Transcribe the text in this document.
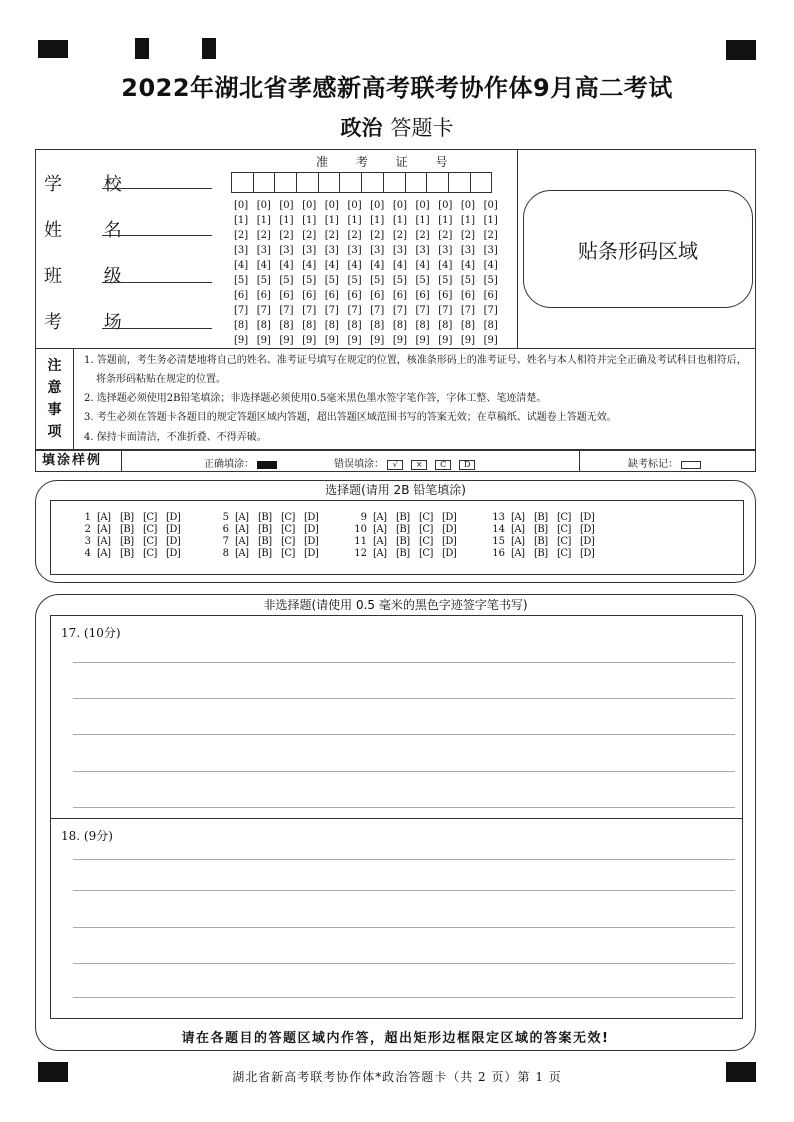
2022年湖北省孝感新高考联考协作体9月高二考试
政治 答题卡
学 校
姓 名
班 级
考 场
准 考 证 号
[0] [0] [0] [0] [0] [0] [0] [0] [0] [0] [0] [0]
[1] [1] [1] [1] [1] [1] [1] [1] [1] [1] [1] [1]
[2] [2] [2] [2] [2] [2] [2] [2] [2] [2] [2] [2]
[3] [3] [3] [3] [3] [3] [3] [3] [3] [3] [3] [3]
[4] [4] [4] [4] [4] [4] [4] [4] [4] [4] [4] [4]
[5] [5] [5] [5] [5] [5] [5] [5] [5] [5] [5] [5]
[6] [6] [6] [6] [6] [6] [6] [6] [6] [6] [6] [6]
[7] [7] [7] [7] [7] [7] [7] [7] [7] [7] [7] [7]
[8] [8] [8] [8] [8] [8] [8] [8] [8] [8] [8] [8]
[9] [9] [9] [9] [9] [9] [9] [9] [9] [9] [9] [9]
贴条形码区域
注
意
事
项
1. 答题前，考生务必清楚地将自己的姓名、准考证号填写在规定的位置，核准条形码上的准考证号、姓名与本人相符并完全正确及考试科目也相符后，将条形码粘贴在规定的位置。
2. 选择题必须使用2B铅笔填涂；非选择题必须使用0.5毫米黑色墨水签字笔作答，字体工整、笔迹清楚。
3. 考生必须在答题卡各题目的规定答题区域内答题，超出答题区域范围书写的答案无效；在草稿纸、试题卷上答题无效。
4. 保持卡面清洁，不准折叠、不得弄破。
填涂样例	正确填涂：	错误填涂： √ × C D	缺考标记：
选择题(请用 2B 铅笔填涂)
1 [A] [B] [C] [D]	5 [A] [B] [C] [D]	9 [A] [B] [C] [D]	13 [A] [B] [C] [D]
2 [A] [B] [C] [D]	6 [A] [B] [C] [D]	10 [A] [B] [C] [D]	14 [A] [B] [C] [D]
3 [A] [B] [C] [D]	7 [A] [B] [C] [D]	11 [A] [B] [C] [D]	15 [A] [B] [C] [D]
4 [A] [B] [C] [D]	8 [A] [B] [C] [D]	12 [A] [B] [C] [D]	16 [A] [B] [C] [D]
非选择题(请使用 0.5 毫米的黑色字迹签字笔书写)
17. (10分)
18. (9分)
请在各题目的答题区域内作答，超出矩形边框限定区域的答案无效!
湖北省新高考联考协作体*政治答题卡（共 2 页）第 1 页
